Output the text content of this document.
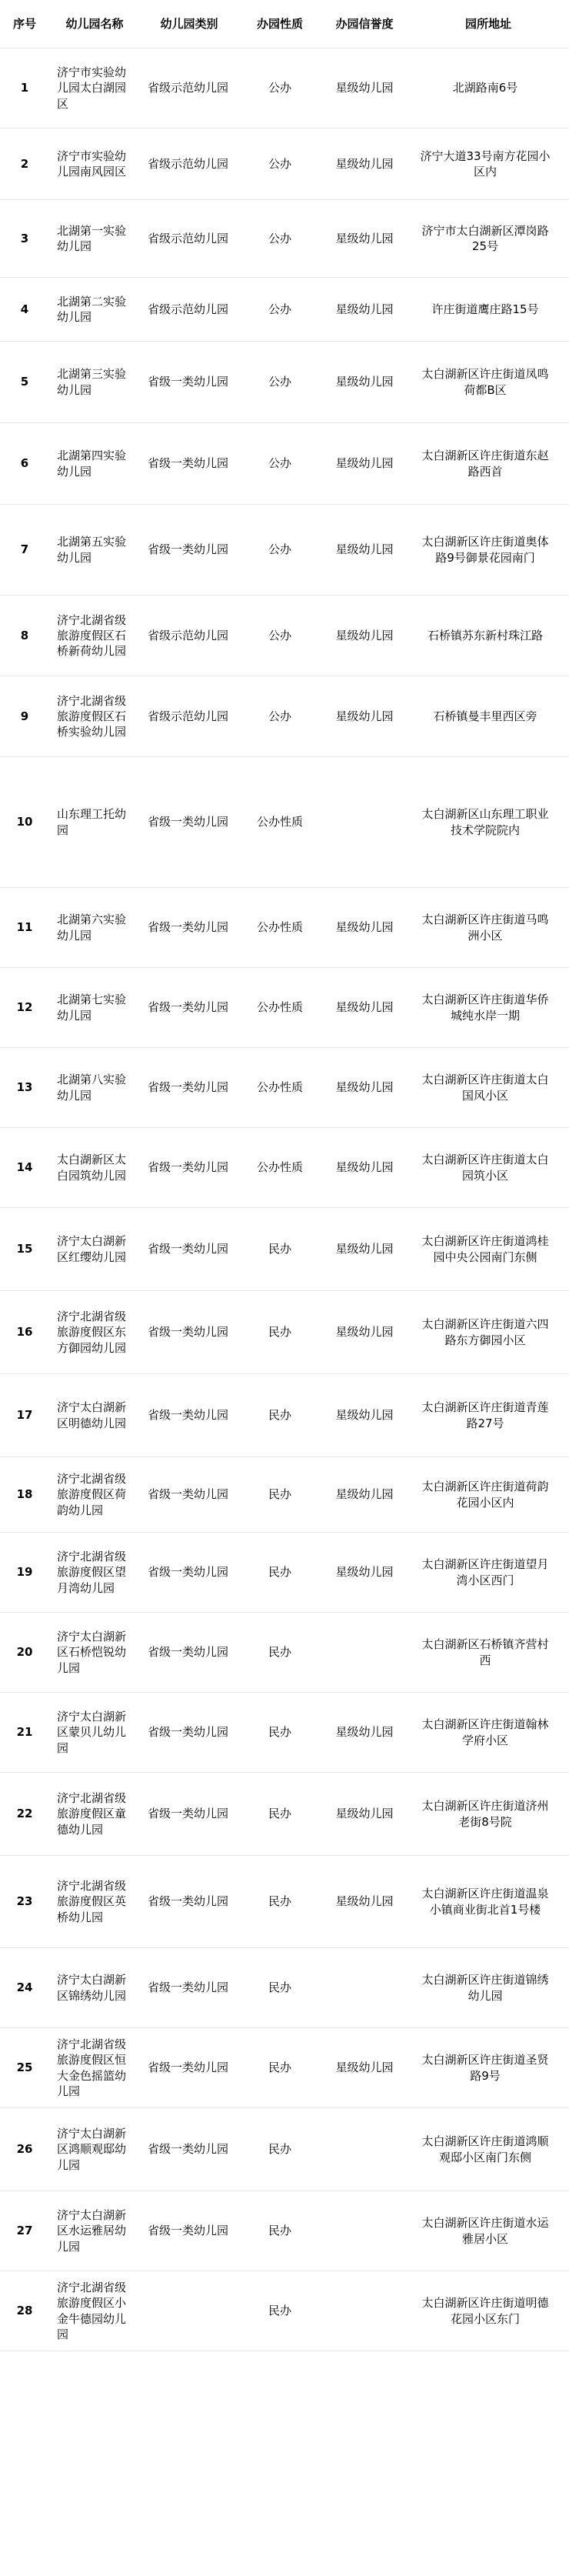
序号	幼儿园名称	幼儿园类别	办园性质	办园信誉度	园所地址
1	济宁市实验幼儿园太白湖园区	省级示范幼儿园	公办	星级幼儿园	北湖路南6号
2	济宁市实验幼儿园南风园区	省级示范幼儿园	公办	星级幼儿园	济宁大道33号南方花园小区内
3	北湖第一实验幼儿园	省级示范幼儿园	公办	星级幼儿园	济宁市太白湖新区潭岗路25号
4	北湖第二实验幼儿园	省级示范幼儿园	公办	星级幼儿园	许庄街道鹰庄路15号
5	北湖第三实验幼儿园	省级一类幼儿园	公办	星级幼儿园	太白湖新区许庄街道凤鸣荷都B区
6	北湖第四实验幼儿园	省级一类幼儿园	公办	星级幼儿园	太白湖新区许庄街道东赵路西首
7	北湖第五实验幼儿园	省级一类幼儿园	公办	星级幼儿园	太白湖新区许庄街道奥体路9号御景花园南门
8	济宁北湖省级旅游度假区石桥新荷幼儿园	省级示范幼儿园	公办	星级幼儿园	石桥镇苏东新村珠江路
9	济宁北湖省级旅游度假区石桥实验幼儿园	省级示范幼儿园	公办	星级幼儿园	石桥镇曼丰里西区旁
10	山东理工托幼园	省级一类幼儿园	公办性质		太白湖新区山东理工职业技术学院院内
11	北湖第六实验幼儿园	省级一类幼儿园	公办性质	星级幼儿园	太白湖新区许庄街道马鸣洲小区
12	北湖第七实验幼儿园	省级一类幼儿园	公办性质	星级幼儿园	太白湖新区许庄街道华侨城纯水岸一期
13	北湖第八实验幼儿园	省级一类幼儿园	公办性质	星级幼儿园	太白湖新区许庄街道太白国风小区
14	太白湖新区太白园筑幼儿园	省级一类幼儿园	公办性质	星级幼儿园	太白湖新区许庄街道太白园筑小区
15	济宁太白湖新区红缨幼儿园	省级一类幼儿园	民办	星级幼儿园	太白湖新区许庄街道鸿桂园中央公园南门东侧
16	济宁北湖省级旅游度假区东方御园幼儿园	省级一类幼儿园	民办	星级幼儿园	太白湖新区许庄街道六四路东方御园小区
17	济宁太白湖新区明德幼儿园	省级一类幼儿园	民办	星级幼儿园	太白湖新区许庄街道青莲路27号
18	济宁北湖省级旅游度假区荷韵幼儿园	省级一类幼儿园	民办	星级幼儿园	太白湖新区许庄街道荷韵花园小区内
19	济宁北湖省级旅游度假区望月湾幼儿园	省级一类幼儿园	民办	星级幼儿园	太白湖新区许庄街道望月湾小区西门
20	济宁太白湖新区石桥恺锐幼儿园	省级一类幼儿园	民办		太白湖新区石桥镇齐营村西
21	济宁太白湖新区蒙贝儿幼儿园	省级一类幼儿园	民办	星级幼儿园	太白湖新区许庄街道翰林学府小区
22	济宁北湖省级旅游度假区童德幼儿园	省级一类幼儿园	民办	星级幼儿园	太白湖新区许庄街道济州老街8号院
23	济宁北湖省级旅游度假区英桥幼儿园	省级一类幼儿园	民办	星级幼儿园	太白湖新区许庄街道温泉小镇商业街北首1号楼
24	济宁太白湖新区锦绣幼儿园	省级一类幼儿园	民办		太白湖新区许庄街道锦绣幼儿园
25	济宁北湖省级旅游度假区恒大金色摇篮幼儿园	省级一类幼儿园	民办	星级幼儿园	太白湖新区许庄街道圣贤路9号
26	济宁太白湖新区鸿顺观邸幼儿园	省级一类幼儿园	民办		太白湖新区许庄街道鸿顺观邸小区南门东侧
27	济宁太白湖新区水运雅居幼儿园	省级一类幼儿园	民办		太白湖新区许庄街道水运雅居小区
28	济宁北湖省级旅游度假区小金牛德园幼儿园		民办		太白湖新区许庄街道明德花园小区东门
